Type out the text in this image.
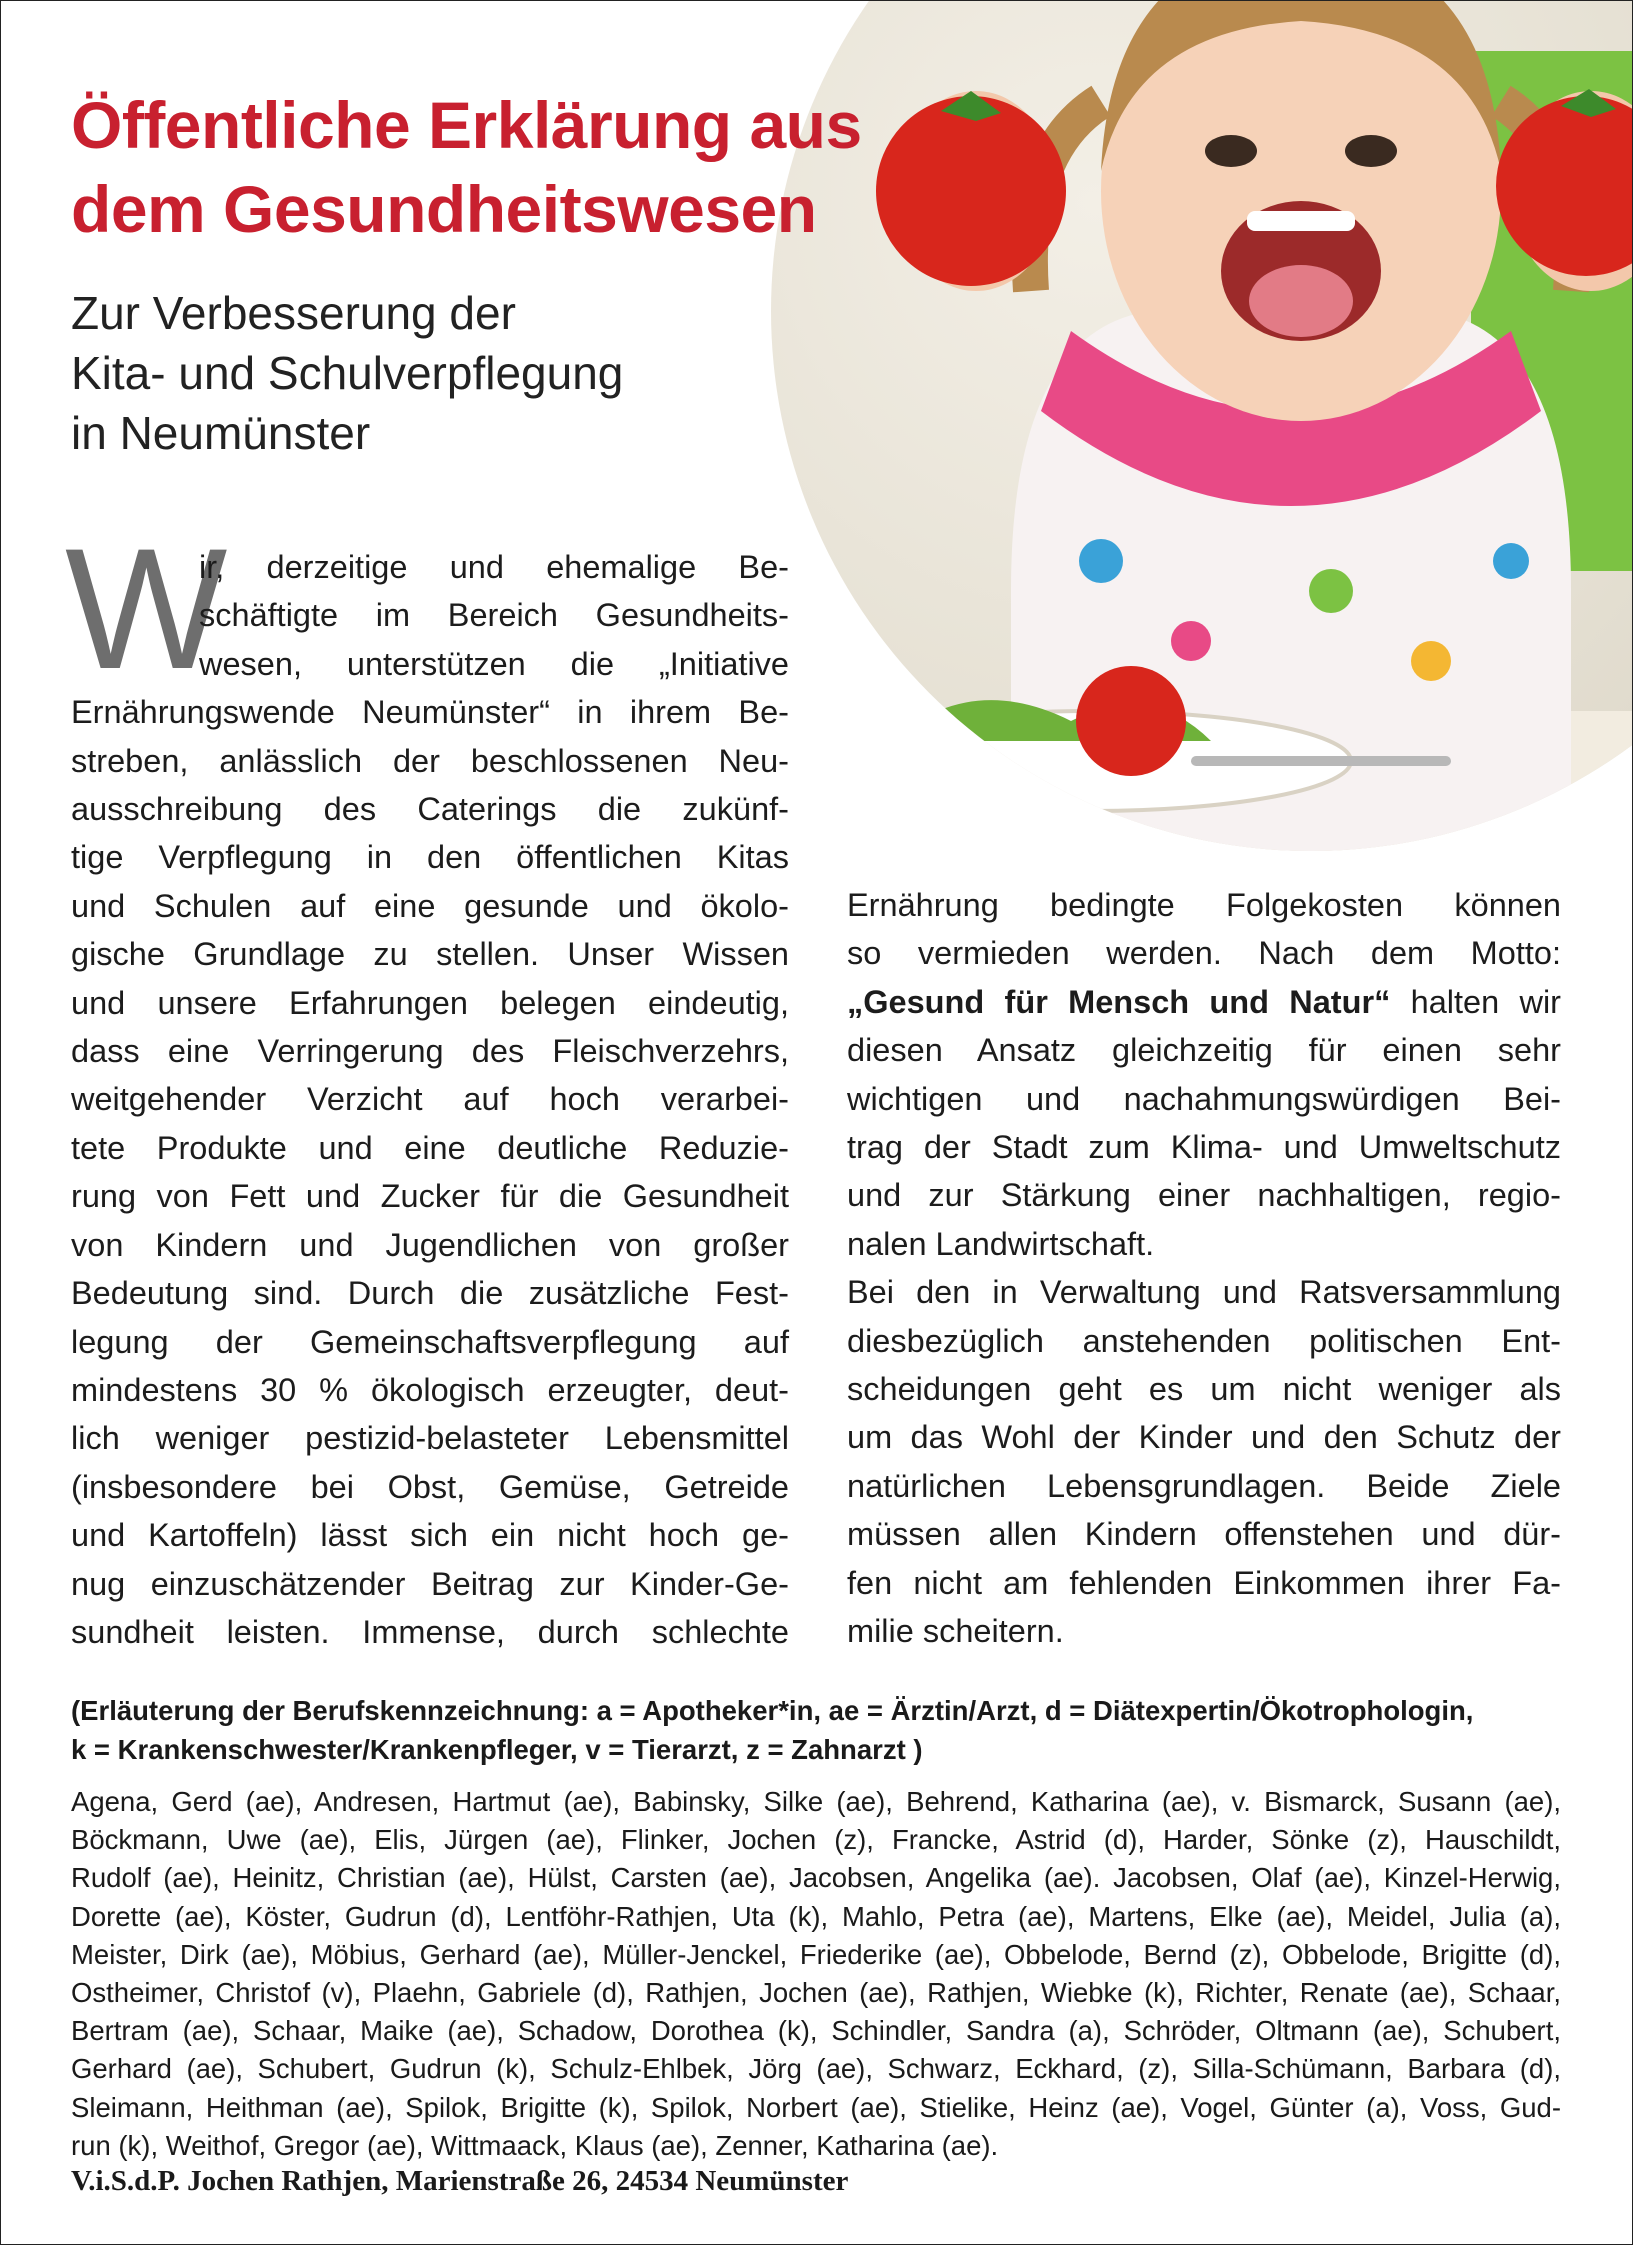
Öffentliche Erklärung aus
dem Gesundheitswesen
Zur Verbesserung der
Kita- und Schulverpflegung
in Neumünster
W
ir, derzeitige und ehemalige Be-
schäftigte im Bereich Gesundheits-
wesen, unterstützen die „Initiative
Ernährungswende Neumünster“ in ihrem Be-
streben, anlässlich der beschlossenen Neu-
ausschreibung des Caterings die zukünf-
tige Verpflegung in den öffentlichen Kitas
und Schulen auf eine gesunde und ökolo-
gische Grundlage zu stellen. Unser Wissen
und unsere Erfahrungen belegen eindeutig,
dass eine Verringerung des Fleischverzehrs,
weitgehender Verzicht auf hoch verarbei-
tete Produkte und eine deutliche Reduzie-
rung von Fett und Zucker für die Gesundheit
von Kindern und Jugendlichen von großer
Bedeutung sind. Durch die zusätzliche Fest-
legung der Gemeinschaftsverpflegung auf
mindestens 30 % ökologisch erzeugter, deut-
lich weniger pestizid-belasteter Lebensmittel
(insbesondere bei Obst, Gemüse, Getreide
und Kartoffeln) lässt sich ein nicht hoch ge-
nug einzuschätzender Beitrag zur Kinder-Ge-
sundheit leisten. Immense, durch schlechte
Ernährung bedingte Folgekosten können
so vermieden werden. Nach dem Motto:
„Gesund für Mensch und Natur“ halten wir
diesen Ansatz gleichzeitig für einen sehr
wichtigen und nachahmungswürdigen Bei-
trag der Stadt zum Klima- und Umweltschutz
und zur Stärkung einer nachhaltigen, regio-
nalen Landwirtschaft.
Bei den in Verwaltung und Ratsversammlung
diesbezüglich anstehenden politischen Ent-
scheidungen geht es um nicht weniger als
um das Wohl der Kinder und den Schutz der
natürlichen Lebensgrundlagen. Beide Ziele
müssen allen Kindern offenstehen und dür-
fen nicht am fehlenden Einkommen ihrer Fa-
milie scheitern.
(Erläuterung der Berufskennzeichnung: a = Apotheker*in, ae = Ärztin/Arzt, d = Diätexpertin/Ökotrophologin,
k = Krankenschwester/Krankenpfleger, v = Tierarzt, z = Zahnarzt )
Agena, Gerd (ae), Andresen, Hartmut (ae), Babinsky, Silke (ae), Behrend, Katharina (ae), v. Bismarck, Susann (ae),
Böckmann, Uwe (ae), Elis, Jürgen (ae), Flinker, Jochen (z), Francke, Astrid (d), Harder, Sönke (z), Hauschildt,
Rudolf (ae), Heinitz, Christian (ae), Hülst, Carsten (ae), Jacobsen, Angelika (ae). Jacobsen, Olaf (ae), Kinzel-Herwig,
Dorette (ae), Köster, Gudrun (d), Lentföhr-Rathjen, Uta (k), Mahlo, Petra (ae), Martens, Elke (ae), Meidel, Julia (a),
Meister, Dirk (ae), Möbius, Gerhard (ae), Müller-Jenckel, Friederike (ae), Obbelode, Bernd (z), Obbelode, Brigitte (d),
Ostheimer, Christof (v), Plaehn, Gabriele (d), Rathjen, Jochen (ae), Rathjen, Wiebke (k), Richter, Renate (ae), Schaar,
Bertram (ae), Schaar, Maike (ae), Schadow, Dorothea (k), Schindler, Sandra (a), Schröder, Oltmann (ae), Schubert,
Gerhard (ae), Schubert, Gudrun (k), Schulz-Ehlbek, Jörg (ae), Schwarz, Eckhard, (z), Silla-Schümann, Barbara (d),
Sleimann, Heithman (ae), Spilok, Brigitte (k), Spilok, Norbert (ae), Stielike, Heinz (ae), Vogel, Günter (a), Voss, Gud-
run (k), Weithof, Gregor (ae), Wittmaack, Klaus (ae), Zenner, Katharina (ae).
V.i.S.d.P. Jochen Rathjen, Marienstraße 26, 24534 Neumünster
